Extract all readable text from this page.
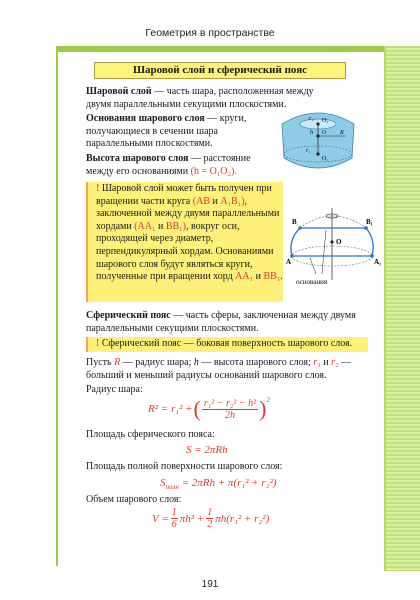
Геометрия в пространстве
Шаровой слой и сферический пояс

Шаровой слой — часть шара, расположенная между двумя параллельными секущими плоскостями.

Основания шарового слоя — круги, получающиеся в сечении шара параллельными плоскостями.

Высота шарового слоя — расстояние между его основаниями (h = O₁O₂).

r₂ O₂
h O R
r₁
O₁
! Шаровой слой может быть получен при вращении части круга (AB и A₁B₁), заключенной между двумя параллельными хордами (AA₁ и BB₁), вокруг оси, проходящей через диаметр, перпендикулярный хордам. Основаниями шарового слоя будут являться круги, полученные при вращении хорд AA₁ и BB₁.
B	B₁
O
A	A₁
основания

Сферический пояс — часть сферы, заключенная между двумя параллельными секущими плоскостями.

! Сферический пояс — боковая поверхность шарового слоя.

Пусть R — радиус шара; h — высота шарового слоя; r₁ и r₂ — больший и меньший радиусы оснований шарового слоя.

Радиус шара:

R² = r₁² + ( $\frac{\text{r₁² − r₂² − h²}}{2h} )^2$

Площадь сферического пояса:

S = 2πRh

Площадь полной поверхности шарового слоя:

$S_{полн} = 2\pi Rh + \pi(r_1^2 + r_2^2)$

Объем шарового слоя:

$V = \frac{1}{6} \pi h^3 + \frac{1}{2} \pi h(r_1^2 + r_2^2)$
191
